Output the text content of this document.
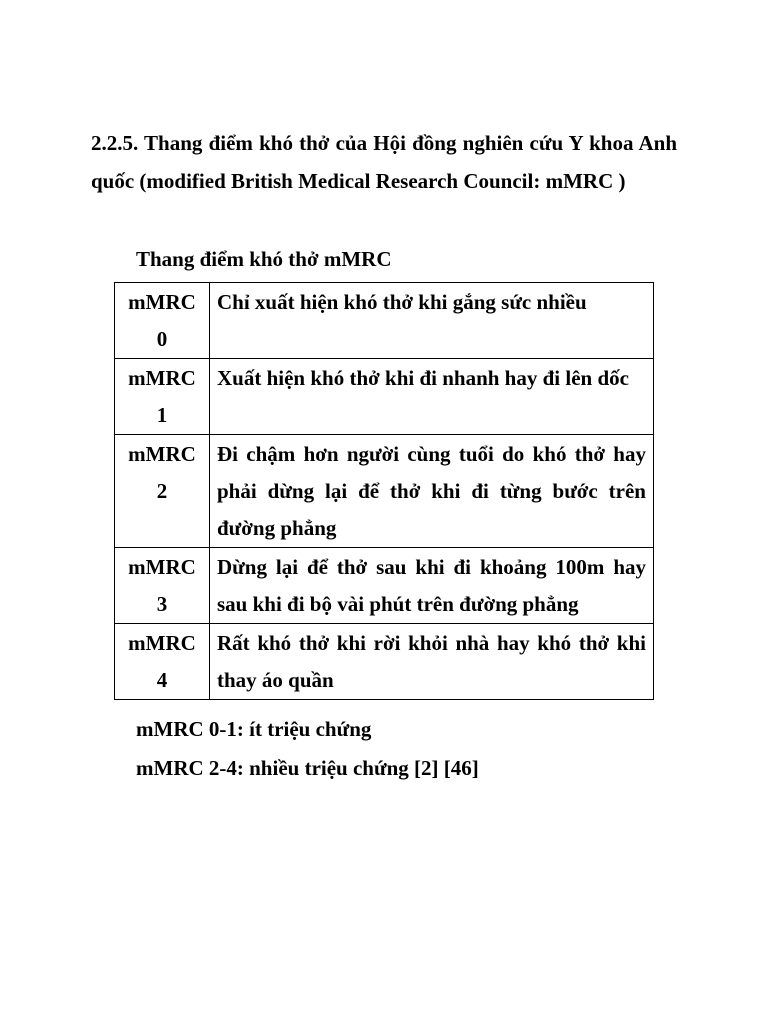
2.2.5. Thang điểm khó thở của Hội đồng nghiên cứu Y khoa Anh quốc (modified British Medical Research Council: mMRC )
Thang điểm khó thở mMRC
mMRC
0	Chỉ xuất hiện khó thở khi gắng sức nhiều

mMRC
1	Xuất hiện khó thở khi đi nhanh hay đi lên dốc

mMRC
2	Đi chậm hơn người cùng tuổi do khó thở hay phải dừng lại để thở khi đi từng bước trên đường phẳng

mMRC
3	Dừng lại để thở sau khi đi khoảng 100m hay sau khi đi bộ vài phút trên đường phẳng

mMRC
4	Rất khó thở khi rời khỏi nhà hay khó thở khi thay áo quần
mMRC 0-1: ít triệu chứng
mMRC 2-4: nhiều triệu chứng [2] [46]
